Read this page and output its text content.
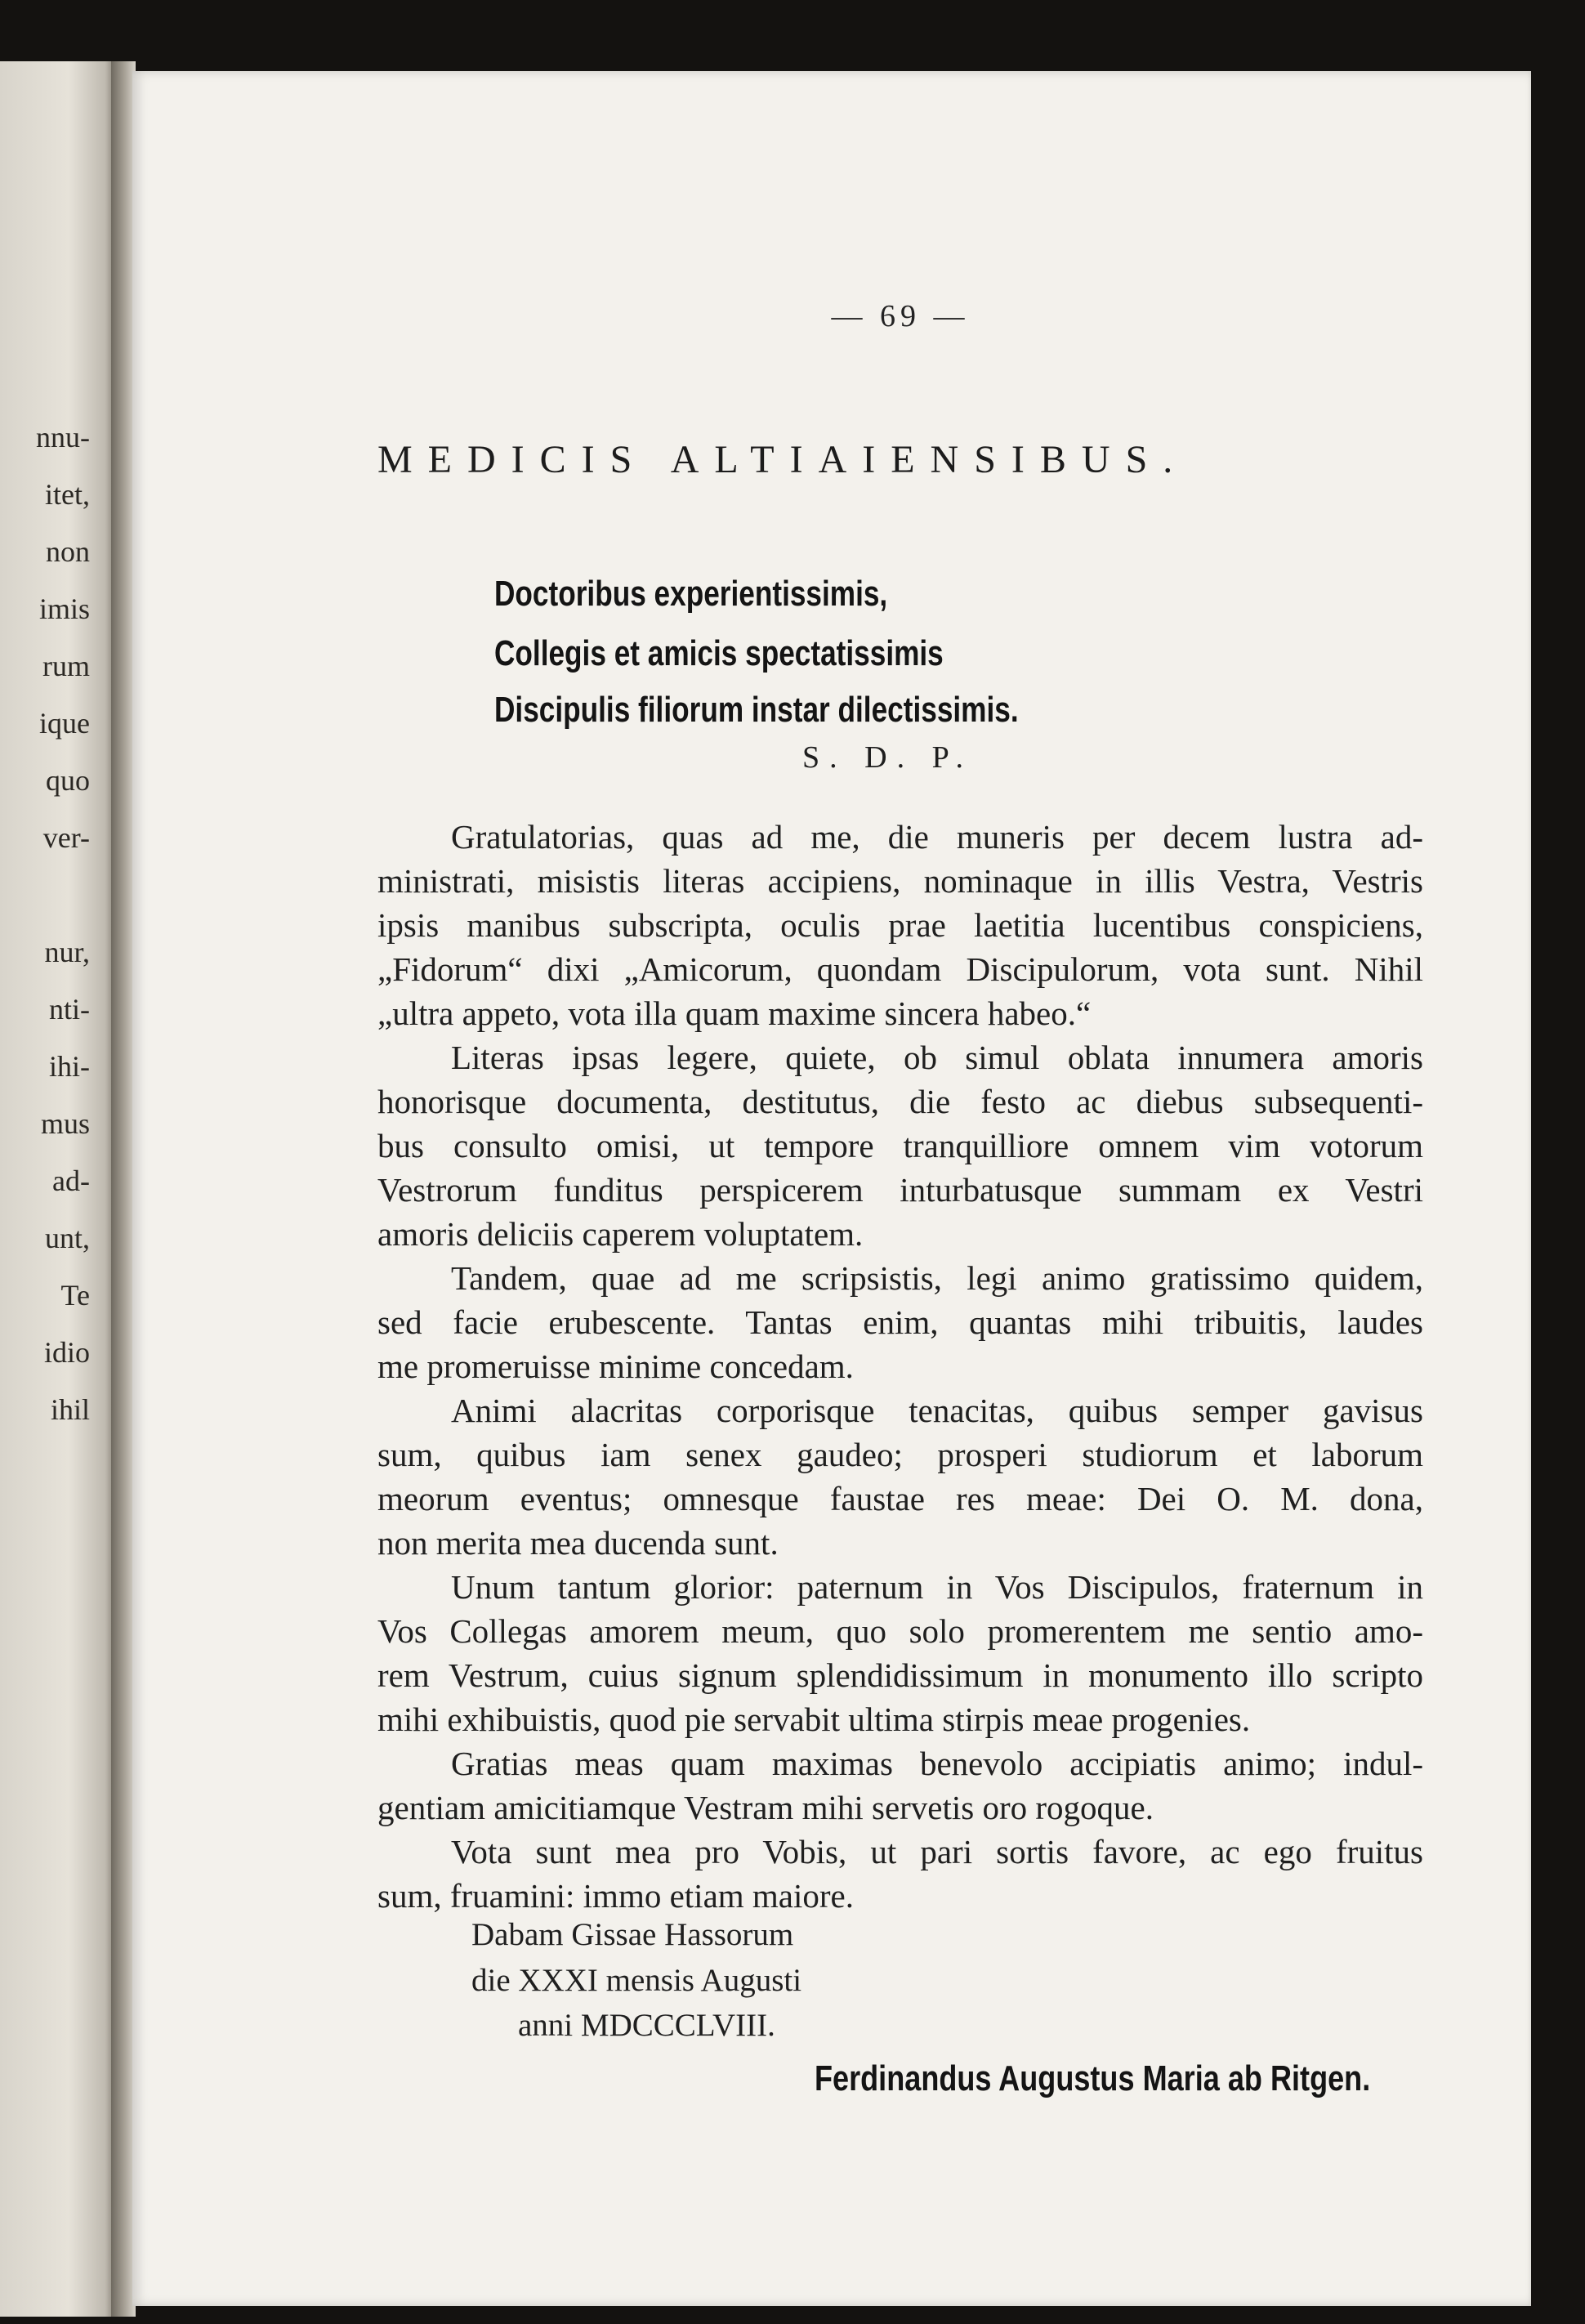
nnu-
itet,
non
imis
rum
ique
quo
ver-
nur,
nti-
ihi-
mus
ad-
unt,
Te
idio
ihil
— 69 —
MEDICIS ALTIAIENSIBUS.
Doctoribus experientissimis,
Collegis et amicis spectatissimis
Discipulis filiorum instar dilectissimis.
S. D. P.
Gratulatorias, quas ad me, die muneris per decem lustra ad-
ministrati, misistis literas accipiens, nominaque in illis Vestra, Vestris
ipsis manibus subscripta, oculis prae laetitia lucentibus conspiciens,
„Fidorum“ dixi „Amicorum, quondam Discipulorum, vota sunt. Nihil
„ultra appeto, vota illa quam maxime sincera habeo.“
Literas ipsas legere, quiete, ob simul oblata innumera amoris
honorisque documenta, destitutus, die festo ac diebus subsequenti-
bus consulto omisi, ut tempore tranquilliore omnem vim votorum
Vestrorum funditus perspicerem inturbatusque summam ex Vestri
amoris deliciis caperem voluptatem.
Tandem, quae ad me scripsistis, legi animo gratissimo quidem,
sed facie erubescente. Tantas enim, quantas mihi tribuitis, laudes
me promeruisse minime concedam.
Animi alacritas corporisque tenacitas, quibus semper gavisus
sum, quibus iam senex gaudeo; prosperi studiorum et laborum
meorum eventus; omnesque faustae res meae: Dei O. M. dona,
non merita mea ducenda sunt.
Unum tantum glorior: paternum in Vos Discipulos, fraternum in
Vos Collegas amorem meum, quo solo promerentem me sentio amo-
rem Vestrum, cuius signum splendidissimum in monumento illo scripto
mihi exhibuistis, quod pie servabit ultima stirpis meae progenies.
Gratias meas quam maximas benevolo accipiatis animo; indul-
gentiam amicitiamque Vestram mihi servetis oro rogoque.
Vota sunt mea pro Vobis, ut pari sortis favore, ac ego fruitus
sum, fruamini: immo etiam maiore.
Dabam Gissae Hassorum
die XXXI mensis Augusti
anni MDCCCLVIII.
Ferdinandus Augustus Maria ab Ritgen.
